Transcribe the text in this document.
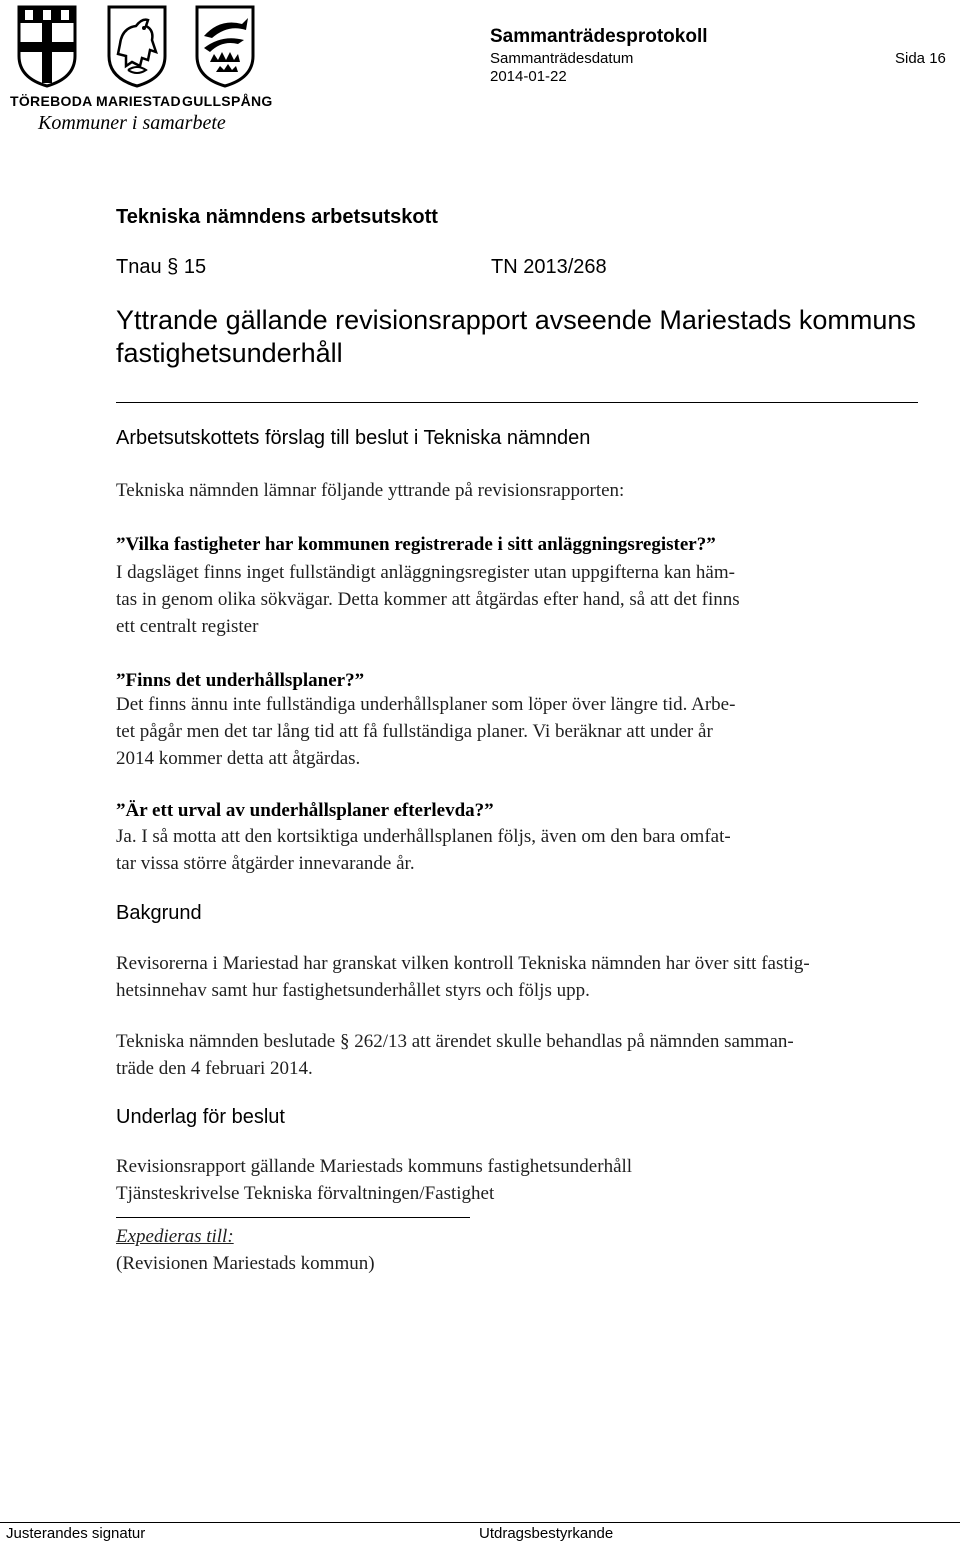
TÖREBODA MARIESTAD GULLSPÅNG
Kommuner i samarbete
Sammanträdesprotokoll
Sammanträdesdatum
2014-01-22
Sida 16
Tekniska nämndens arbetsutskott
Tnau § 15	TN 2013/268
Yttrande gällande revisionsrapport avseende Mariestads kommuns
fastighetsunderhåll
Arbetsutskottets förslag till beslut i Tekniska nämnden
Tekniska nämnden lämnar följande yttrande på revisionsrapporten:
”Vilka fastigheter har kommunen registrerade i sitt anläggningsregister?”
I dagsläget finns inget fullständigt anläggningsregister utan uppgifterna kan häm-
tas in genom olika sökvägar. Detta kommer att åtgärdas efter hand, så att det finns
ett centralt register
”Finns det underhållsplaner?”
Det finns ännu inte fullständiga underhållsplaner som löper över längre tid. Arbe-
tet pågår men det tar lång tid att få fullständiga planer. Vi beräknar att under år
2014 kommer detta att åtgärdas.
”Är ett urval av underhållsplaner efterlevda?”
Ja. I så motta att den kortsiktiga underhållsplanen följs, även om den bara omfat-
tar vissa större åtgärder innevarande år.
Bakgrund
Revisorerna i Mariestad har granskat vilken kontroll Tekniska nämnden har över sitt fastig-
hetsinnehav samt hur fastighetsunderhållet styrs och följs upp.
Tekniska nämnden beslutade § 262/13 att ärendet skulle behandlas på nämnden samman-
träde den 4 februari 2014.
Underlag för beslut
Revisionsrapport gällande Mariestads kommuns fastighetsunderhåll
Tjänsteskrivelse Tekniska förvaltningen/Fastighet
Expedieras till:
(Revisionen Mariestads kommun)
Justerandes signatur	Utdragsbestyrkande
